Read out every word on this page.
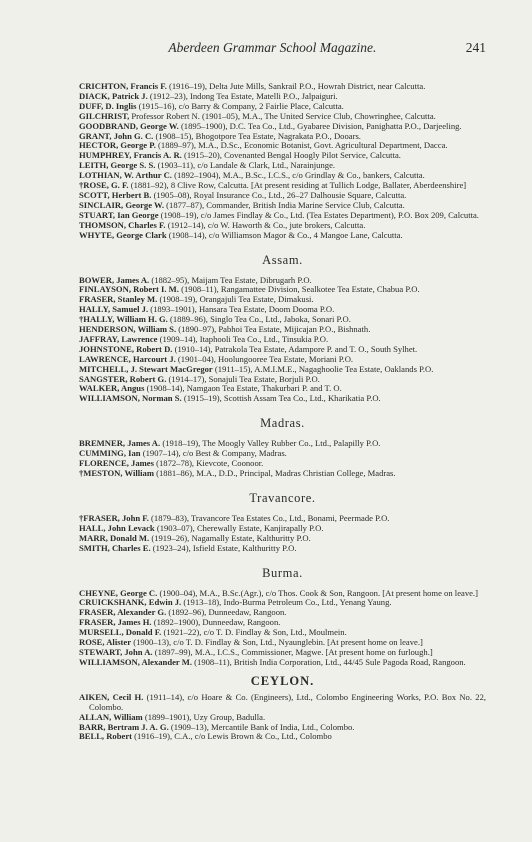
Aberdeen Grammar School Magazine.	241
CRICHTON, Francis F. (1916–19), Delta Jute Mills, Sankrail P.O., Howrah District, near Calcutta.
DIACK, Patrick J. (1912–23), Indong Tea Estate, Matelli P.O., Jalpaiguri.
DUFF, D. Inglis (1915–16), c/o Barry & Company, 2 Fairlie Place, Calcutta.
GILCHRIST, Professor Robert N. (1901–05), M.A., The United Service Club, Chowringhee, Calcutta.
GOODBRAND, George W. (1895–1900), D.C. Tea Co., Ltd., Gyabaree Division, Panighatta P.O., Darjeeling.
GRANT, John G. C. (1908–15), Bhogotpore Tea Estate, Nagrakata P.O., Dooars.
HECTOR, George P. (1889–97), M.A., D.Sc., Economic Botanist, Govt. Agricultural Department, Dacca.
HUMPHREY, Francis A. R. (1915–20), Covenanted Bengal Hoogly Pilot Service, Calcutta.
LEITH, George S. S. (1903–11), c/o Landale & Clark, Ltd., Narainjunge.
LOTHIAN, W. Arthur C. (1892–1904), M.A., B.Sc., I.C.S., c/o Grindlay & Co., bankers, Calcutta.
†ROSE, G. F. (1881–92), 8 Clive Row, Calcutta. [At present residing at Tullich Lodge, Ballater, Aberdeenshire]
SCOTT, Herbert B. (1905–08), Royal Insurance Co., Ltd., 26–27 Dalhousie Square, Calcutta.
SINCLAIR, George W. (1877–87), Commander, British India Marine Service Club, Calcutta.
STUART, Ian George (1908–19), c/o James Findlay & Co., Ltd. (Tea Estates Department), P.O. Box 209, Calcutta.
THOMSON, Charles F. (1912–14), c/o W. Haworth & Co., jute brokers, Calcutta.
WHYTE, George Clark (1908–14), c/o Williamson Magor & Co., 4 Mangoe Lane, Calcutta.
Assam.
BOWER, James A. (1882–95), Maijam Tea Estate, Dibrugarh P.O.
FINLAYSON, Robert I. M. (1908–11), Rangamattee Division, Sealkotee Tea Estate, Chabua P.O.
FRASER, Stanley M. (1908–19), Orangajuli Tea Estate, Dimakusi.
HALLY, Samuel J. (1893–1901), Hansara Tea Estate, Doom Dooma P.O.
†HALLY, William H. G. (1889–96), Singlo Tea Co., Ltd., Jaboka, Sonari P.O.
HENDERSON, William S. (1890–97), Pabhoi Tea Estate, Mijicajan P.O., Bishnath.
JAFFRAY, Lawrence (1909–14), Itaphooli Tea Co., Ltd., Tinsukia P.O.
JOHNSTONE, Robert D. (1910–14), Patrakola Tea Estate, Adampore P. and T. O., South Sylhet.
LAWRENCE, Harcourt J. (1901–04), Hoolungooree Tea Estate, Moriani P.O.
MITCHELL, J. Stewart MacGregor (1911–15), A.M.I.M.E., Nagaghoolie Tea Estate, Oaklands P.O.
SANGSTER, Robert G. (1914–17), Sonajuli Tea Estate, Borjuli P.O.
WALKER, Angus (1908–14), Namgaon Tea Estate, Thakurbari P. and T. O.
WILLIAMSON, Norman S. (1915–19), Scottish Assam Tea Co., Ltd., Kharikatia P.O.
Madras.
BREMNER, James A. (1918–19), The Moogly Valley Rubber Co., Ltd., Palapilly P.O.
CUMMING, Ian (1907–14), c/o Best & Company, Madras.
FLORENCE, James (1872–78), Kievcote, Coonoor.
†MESTON, William (1881–86), M.A., D.D., Principal, Madras Christian College, Madras.
Travancore.
†FRASER, John F. (1879–83), Travancore Tea Estates Co., Ltd., Bonami, Peermade P.O.
HALL, John Levack (1903–07), Cherewally Estate, Kanjirapally P.O.
MARR, Donald M. (1919–26), Nagamally Estate, Kalthuritty P.O.
SMITH, Charles E. (1923–24), Isfield Estate, Kalthuritty P.O.
Burma.
CHEYNE, George C. (1900–04), M.A., B.Sc.(Agr.), c/o Thos. Cook & Son, Rangoon. [At present home on leave.]
CRUICKSHANK, Edwin J. (1913–18), Indo-Burma Petroleum Co., Ltd., Yenang Yaung.
FRASER, Alexander G. (1892–96), Dunneedaw, Rangoon.
FRASER, James H. (1892–1900), Dunneedaw, Rangoon.
MURSELL, Donald F. (1921–22), c/o T. D. Findlay & Son, Ltd., Moulmein.
ROSE, Alister (1900–13), c/o T. D. Findlay & Son, Ltd., Nyaunglebin. [At present home on leave.]
STEWART, John A. (1897–99), M.A., I.C.S., Commissioner, Magwe. [At present home on furlough.]
WILLIAMSON, Alexander M. (1908–11), British India Corporation, Ltd., 44/45 Sule Pagoda Road, Rangoon.
CEYLON.
AIKEN, Cecil H. (1911–14), c/o Hoare & Co. (Engineers), Ltd., Colombo Engineering Works, P.O. Box No. 22, Colombo.
ALLAN, William (1899–1901), Uzy Group, Badulla.
BARR, Bertram J. A. G. (1909–13), Mercantile Bank of India, Ltd., Colombo.
BELL, Robert (1916–19), C.A., c/o Lewis Brown & Co., Ltd., Colombo
